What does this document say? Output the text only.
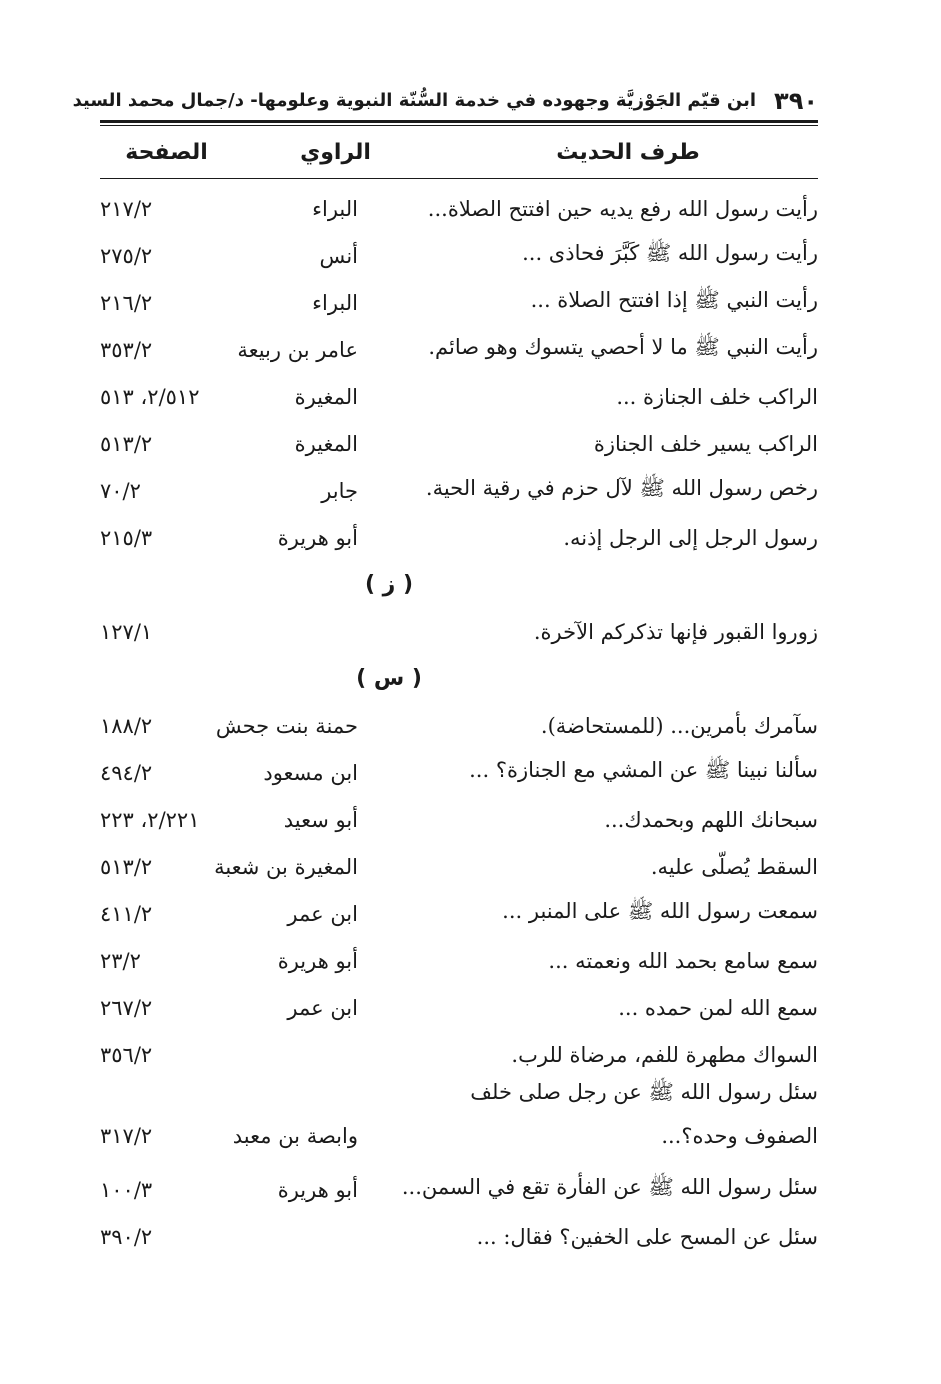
٣٩٠
ابن قيّم الجَوْزيَّة وجهوده في خدمة السُّنّة النبوية وعلومها- د/جمال محمد السيد
طرف الحديث
الراوي
الصفحة
رأيت رسول الله رفع يديه حين افتتح الصلاة...
البراء
٢١٧/٢
رأيت رسول الله ﷺ كَبَّرَ فحاذى ...
أنس
٢٧٥/٢
رأيت النبي ﷺ إذا افتتح الصلاة ...
البراء
٢١٦/٢
رأيت النبي ﷺ ما لا أحصي يتسوك وهو صائم.
عامر بن ربيعة
٣٥٣/٢
الراكب خلف الجنازة ...
المغيرة
٢/٥١٢، ٥١٣
الراكب يسير خلف الجنازة
المغيرة
٥١٣/٢
رخص رسول الله ﷺ لآل حزم في رقية الحية.
جابر
٧٠/٢
رسول الرجل إلى الرجل إذنه.
أبو هريرة
٢١٥/٣
( ز )
زوروا القبور فإنها تذكركم الآخرة.
١٢٧/١
( س )
سآمرك بأمرين... (للمستحاضة).
حمنة بنت جحش
١٨٨/٢
سألنا نبينا ﷺ عن المشي مع الجنازة؟ ...
ابن مسعود
٤٩٤/٢
سبحانك اللهم وبحمدك...
أبو سعيد
٢/٢٢١، ٢٢٣
السقط يُصلّى عليه.
المغيرة بن شعبة
٥١٣/٢
سمعت رسول الله ﷺ على المنبر ...
ابن عمر
٤١١/٢
سمع سامع بحمد الله ونعمته ...
أبو هريرة
٢٣/٢
سمع الله لمن حمده ...
ابن عمر
٢٦٧/٢
السواك مطهرة للفم، مرضاة للرب.
٣٥٦/٢
سئل رسول الله ﷺ عن رجل صلى خلف
الصفوف وحده؟...
وابصة بن معبد
٣١٧/٢
سئل رسول الله ﷺ عن الفأرة تقع في السمن...
أبو هريرة
١٠٠/٣
سئل عن المسح على الخفين؟ فقال: ...
٣٩٠/٢
